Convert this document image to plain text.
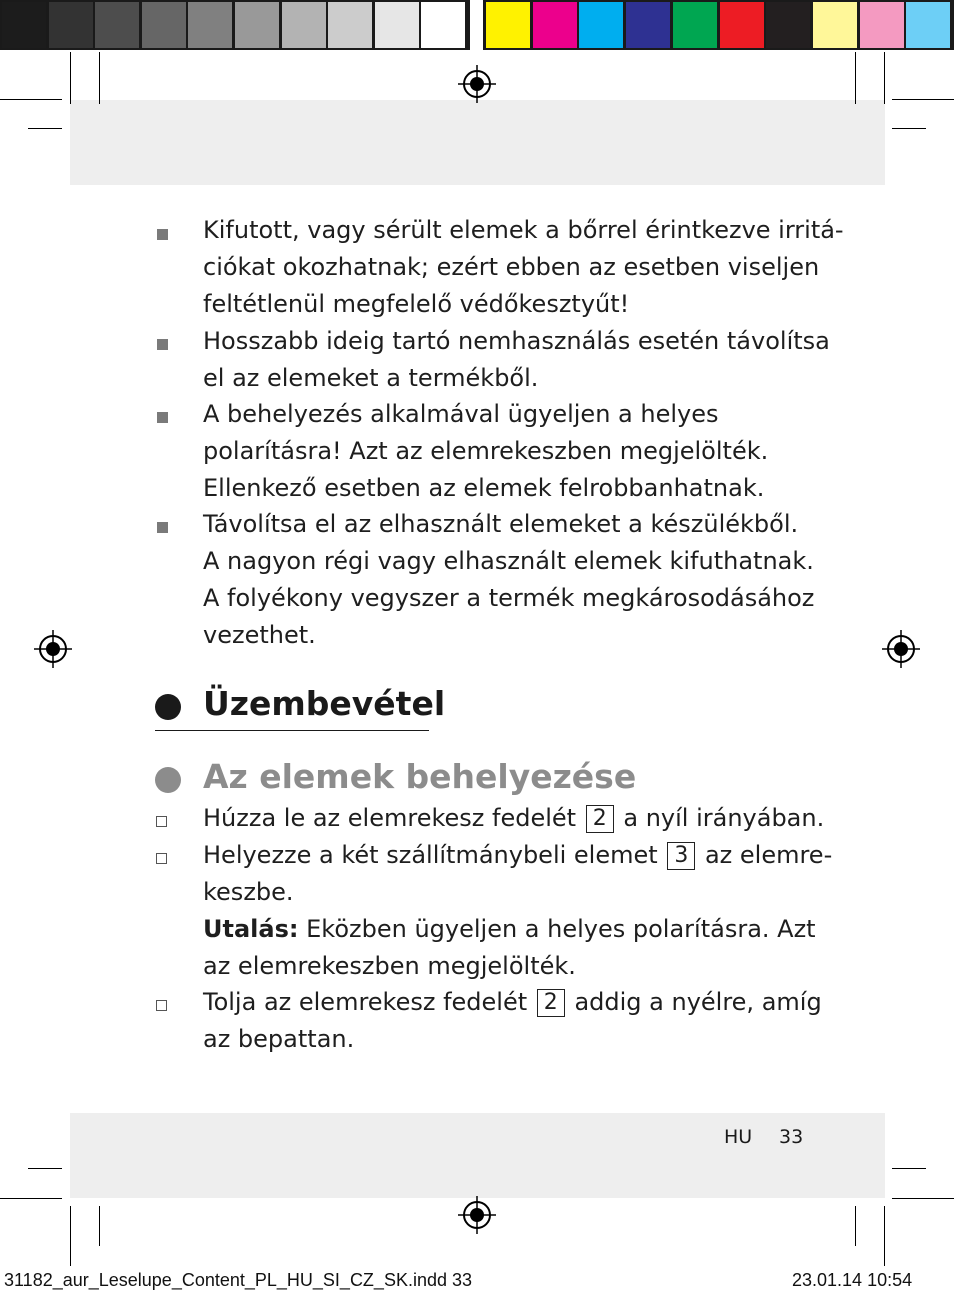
Kifutott, vagy sérült elemek a bőrrel érintkezve irritá-

ciókat okozhatnak; ezért ebben az esetben viseljen

feltétlenül megfelelő védőkesztyűt!

Hosszabb ideig tartó nemhasználás esetén távolítsa

el az elemeket a termékből.

A behelyezés alkalmával ügyeljen a helyes

polarításra! Azt az elemrekeszben megjelölték.

Ellenkező esetben az elemek felrobbanhatnak.

Távolítsa el az elhasznált elemeket a készülékből.

A nagyon régi vagy elhasznált elemek kifuthatnak.

A folyékony vegyszer a termék megkárosodásához

vezethet.

Üzembevétel
Az elemek behelyezése

Húzza le az elemrekesz fedelét 2 a nyíl irányában.

Helyezze a két szállítmánybeli elemet 3 az elemre-

keszbe.

Utalás: Eközben ügyeljen a helyes polarításra. Azt

az elemrekeszben megjelölték.

Tolja az elemrekesz fedelét 2 addig a nyélre, amíg

az bepattan.

HU 33
31182_aur_Leselupe_Content_PL_HU_SI_CZ_SK.indd 33	23.01.14 10:54
